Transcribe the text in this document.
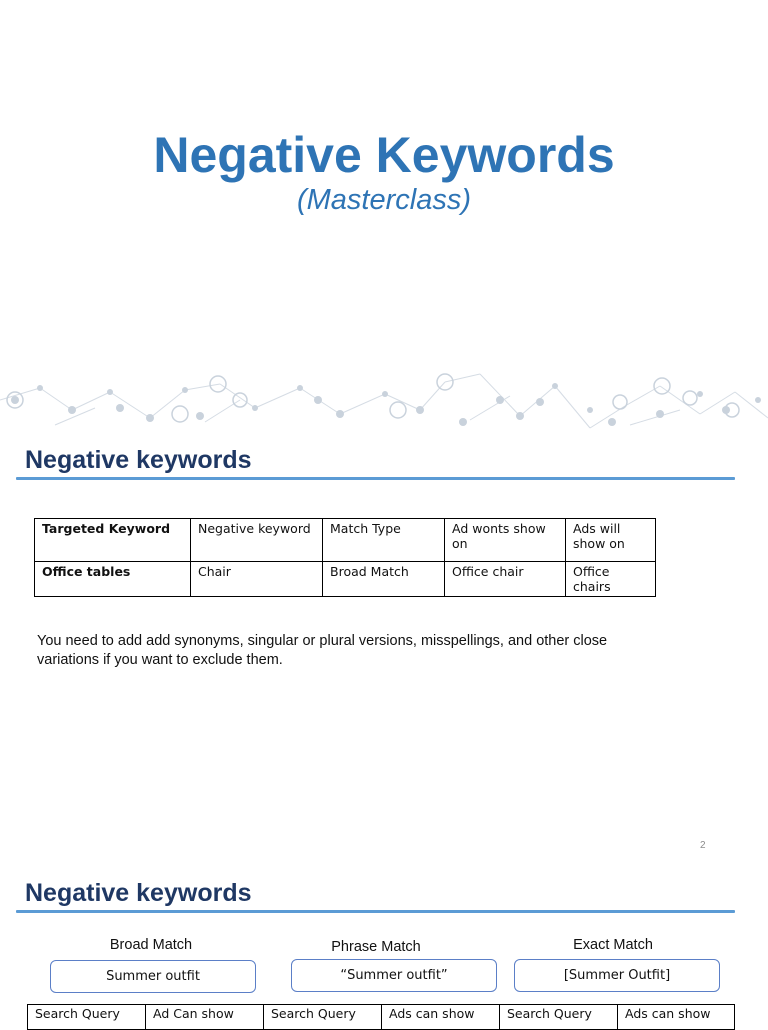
Negative Keywords
(Masterclass)
Negative keywords
Targeted Keyword	Negative keyword	Match Type	Ad wonts show on	Ads will show on
Office tables	Chair	Broad Match	Office chair	Office chairs
You need to add add synonyms, singular or plural versions, misspellings, and other close variations if you want to exclude them.
2
Negative keywords
Broad Match	Phrase Match	Exact Match
Summer outfit	“Summer outfit”	[Summer Outfit]
Search Query	Ad Can show	Search Query	Ads can show	Search Query	Ads can show
